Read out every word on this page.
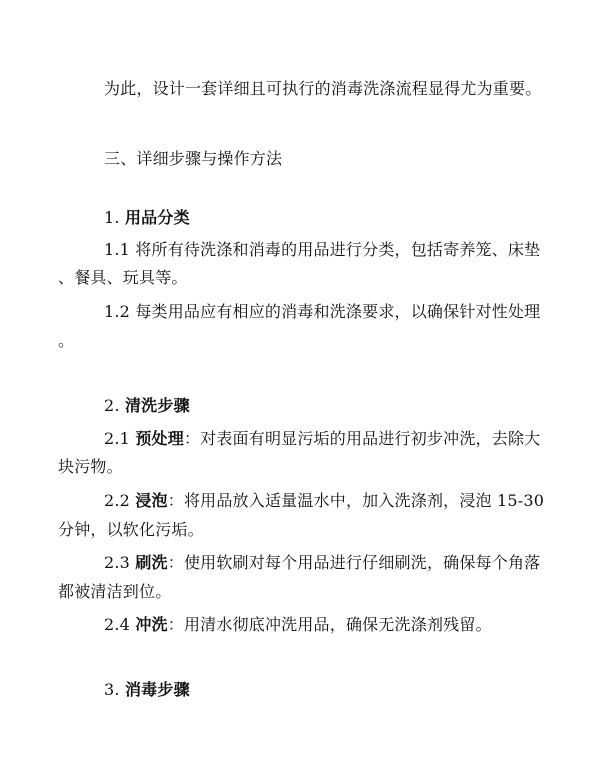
为此，设计一套详细且可执行的消毒洗涤流程显得尤为重要。
三、详细步骤与操作方法
1. 用品分类
1.1 将所有待洗涤和消毒的用品进行分类，包括寄养笼、床垫
、餐具、玩具等。
1.2 每类用品应有相应的消毒和洗涤要求，以确保针对性处理
。
2. 清洗步骤
2.1 预处理：对表面有明显污垢的用品进行初步冲洗，去除大
块污物。
2.2 浸泡：将用品放入适量温水中，加入洗涤剂，浸泡 15-30
分钟，以软化污垢。
2.3 刷洗：使用软刷对每个用品进行仔细刷洗，确保每个角落
都被清洁到位。
2.4 冲洗：用清水彻底冲洗用品，确保无洗涤剂残留。
3. 消毒步骤
